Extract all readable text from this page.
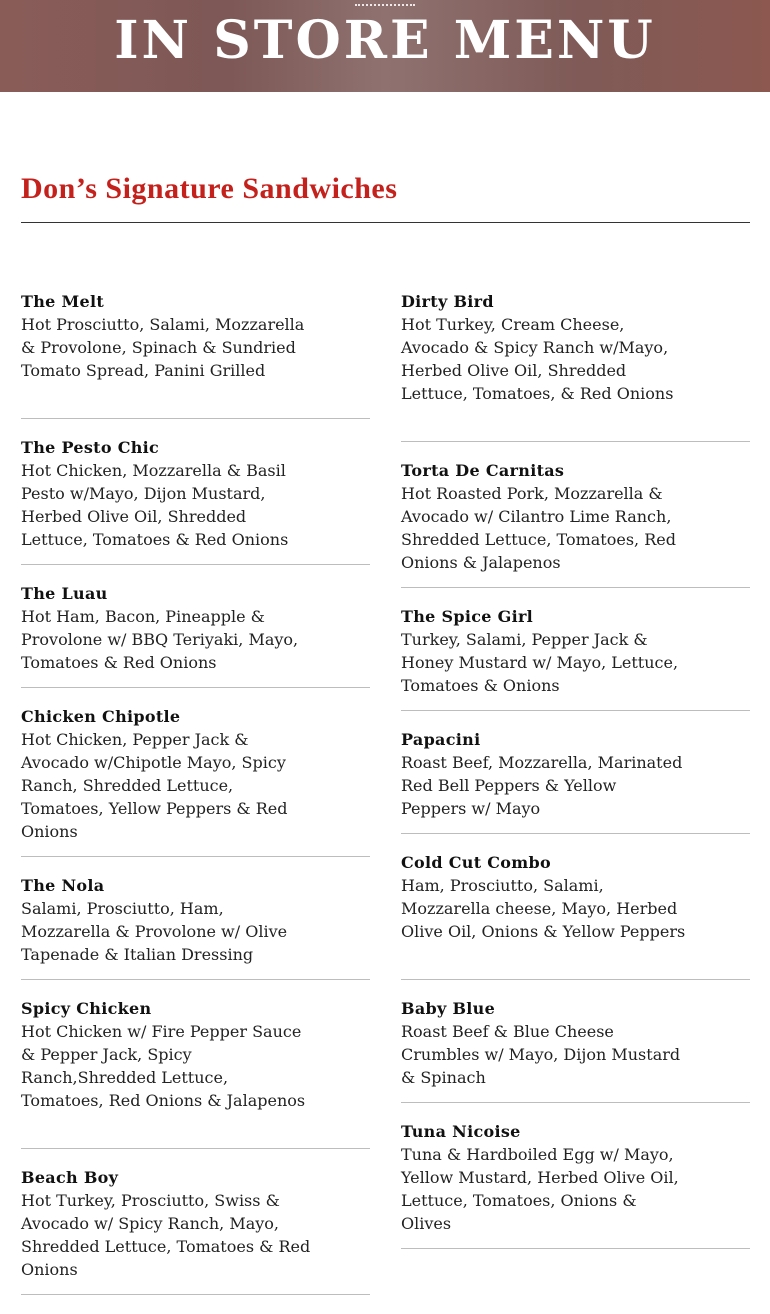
IN STORE MENU
Don’s Signature Sandwiches
The Melt
Hot Prosciutto, Salami, Mozzarella & Provolone, Spinach & Sundried Tomato Spread, Panini Grilled
The Pesto Chic
Hot Chicken, Mozzarella & Basil Pesto w/Mayo, Dijon Mustard, Herbed Olive Oil, Shredded Lettuce, Tomatoes & Red Onions
The Luau
Hot Ham, Bacon, Pineapple & Provolone w/ BBQ Teriyaki, Mayo, Tomatoes & Red Onions
Chicken Chipotle
Hot Chicken, Pepper Jack & Avocado w/Chipotle Mayo, Spicy Ranch, Shredded Lettuce, Tomatoes, Yellow Peppers & Red Onions
The Nola
Salami, Prosciutto, Ham, Mozzarella & Provolone w/ Olive Tapenade & Italian Dressing
Spicy Chicken
Hot Chicken w/ Fire Pepper Sauce & Pepper Jack, Spicy Ranch,Shredded Lettuce, Tomatoes, Red Onions & Jalapenos
Beach Boy
Hot Turkey, Prosciutto, Swiss & Avocado w/ Spicy Ranch, Mayo, Shredded Lettuce, Tomatoes & Red Onions
Dirty Bird
Hot Turkey, Cream Cheese, Avocado & Spicy Ranch w/Mayo, Herbed Olive Oil, Shredded Lettuce, Tomatoes, & Red Onions
Torta De Carnitas
Hot Roasted Pork, Mozzarella & Avocado w/ Cilantro Lime Ranch, Shredded Lettuce, Tomatoes, Red Onions & Jalapenos
The Spice Girl
Turkey, Salami, Pepper Jack & Honey Mustard w/ Mayo, Lettuce, Tomatoes & Onions
Papacini
Roast Beef, Mozzarella, Marinated Red Bell Peppers & Yellow Peppers w/ Mayo
Cold Cut Combo
Ham, Prosciutto, Salami, Mozzarella cheese, Mayo, Herbed Olive Oil, Onions & Yellow Peppers
Baby Blue
Roast Beef & Blue Cheese Crumbles w/ Mayo, Dijon Mustard & Spinach
Tuna Nicoise
Tuna & Hardboiled Egg w/ Mayo, Yellow Mustard, Herbed Olive Oil, Lettuce, Tomatoes, Onions & Olives
